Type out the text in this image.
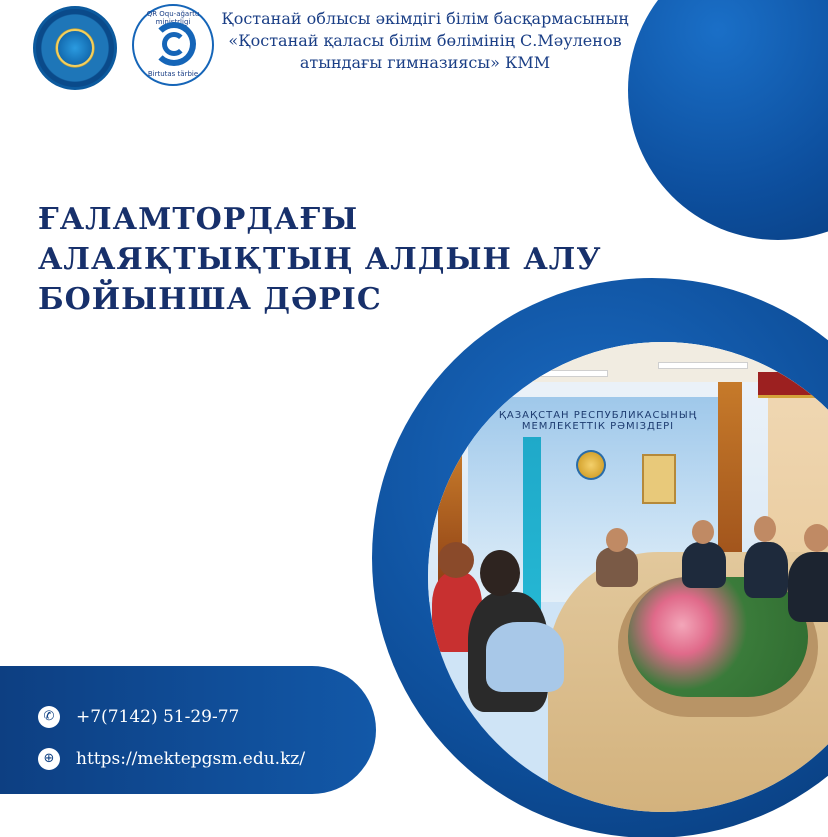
QR Oqu-ağartu ministrligi
Birtutas tärbie
Қостанай облысы әкімдігі білім басқармасының
«Қостанай қаласы білім бөлімінің С.Мәуленов
атындағы гимназиясы» КММ
ҒАЛАМТОРДАҒЫ
АЛАЯҚТЫҚТЫҢ АЛДЫН АЛУ
БОЙЫНША ДӘРІС
ҚАЗАҚСТАН РЕСПУБЛИКАСЫНЫҢ МЕМЛЕКЕТТІК РӘМІЗДЕРІ
✆	+7(7142) 51-29-77
⊕	https://mektepgsm.edu.kz/
